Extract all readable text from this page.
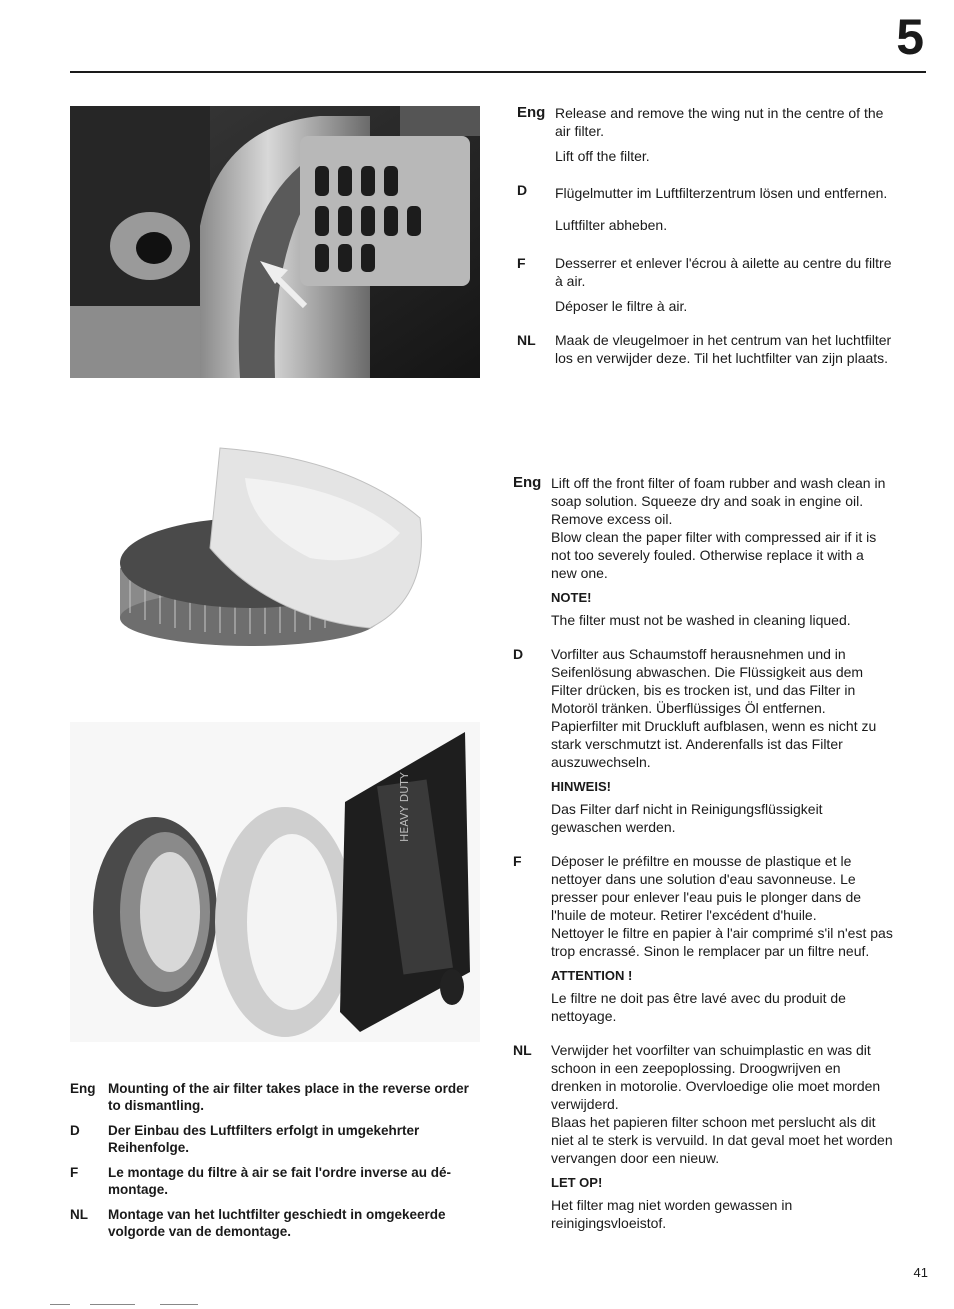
5
HEAVY DUTY
Eng Release and remove the wing nut in the centre of the air filter.

Lift off the filter.

D	Flügelmutter im Luftfilterzentrum lösen und entfernen.

Luftfilter abheben.

F	Desserrer et enlever l'écrou à ailette au centre du filtre à air.

Déposer le filtre à air.

NL	Maak de vleugelmoer in het centrum van het luchtfilter los en verwijder deze. Til het luchtfilter van zijn plaats.

Eng Lift off the front filter of foam rubber and wash clean in soap solution. Squeeze dry and soak in engine oil. Remove excess oil.

Blow clean the paper filter with compressed air if it is not too severely fouled. Otherwise replace it with a new one.

NOTE!

The filter must not be washed in cleaning liqued.

D	Vorfilter aus Schaumstoff herausnehmen und in Seifenlösung abwaschen. Die Flüssigkeit aus dem Filter drücken, bis es trocken ist, und das Filter in Motoröl tränken. Überflüssiges Öl entfernen.

Papierfilter mit Druckluft aufblasen, wenn es nicht zu stark verschmutzt ist. Anderenfalls ist das Filter auszuwechseln.

HINWEIS!

Das Filter darf nicht in Reinigungsflüssigkeit gewaschen werden.

F	Déposer le préfiltre en mousse de plastique et le nettoyer dans une solution d'eau savonneuse. Le presser pour enlever l'eau puis le plonger dans de l'huile de moteur. Retirer l'excédent d'huile.

Nettoyer le filtre en papier à l'air comprimé s'il n'est pas trop encrassé. Sinon le remplacer par un filtre neuf.

ATTENTION !

Le filtre ne doit pas être lavé avec du produit de nettoyage.

NL	Verwijder het voorfilter van schuimplastic en was dit schoon in een zeepoplossing. Droogwrijven en drenken in motorolie. Overvloedige olie moet morden verwijderd.

Blaas het papieren filter schoon met perslucht als dit niet al te sterk is vervuild. In dat geval moet het worden vervangen door een nieuw.

LET OP!

Het filter mag niet worden gewassen in reinigingsvloeistof.

Eng Mounting of the air filter takes place in the reverse order to dismantling.
D	Der Einbau des Luftfilters erfolgt in umgekehrter Reihenfolge.
F	Le montage du filtre à air se fait l'ordre inverse au dé-montage.
NL	Montage van het luchtfilter geschiedt in omgekeerde volgorde van de demontage.
41
